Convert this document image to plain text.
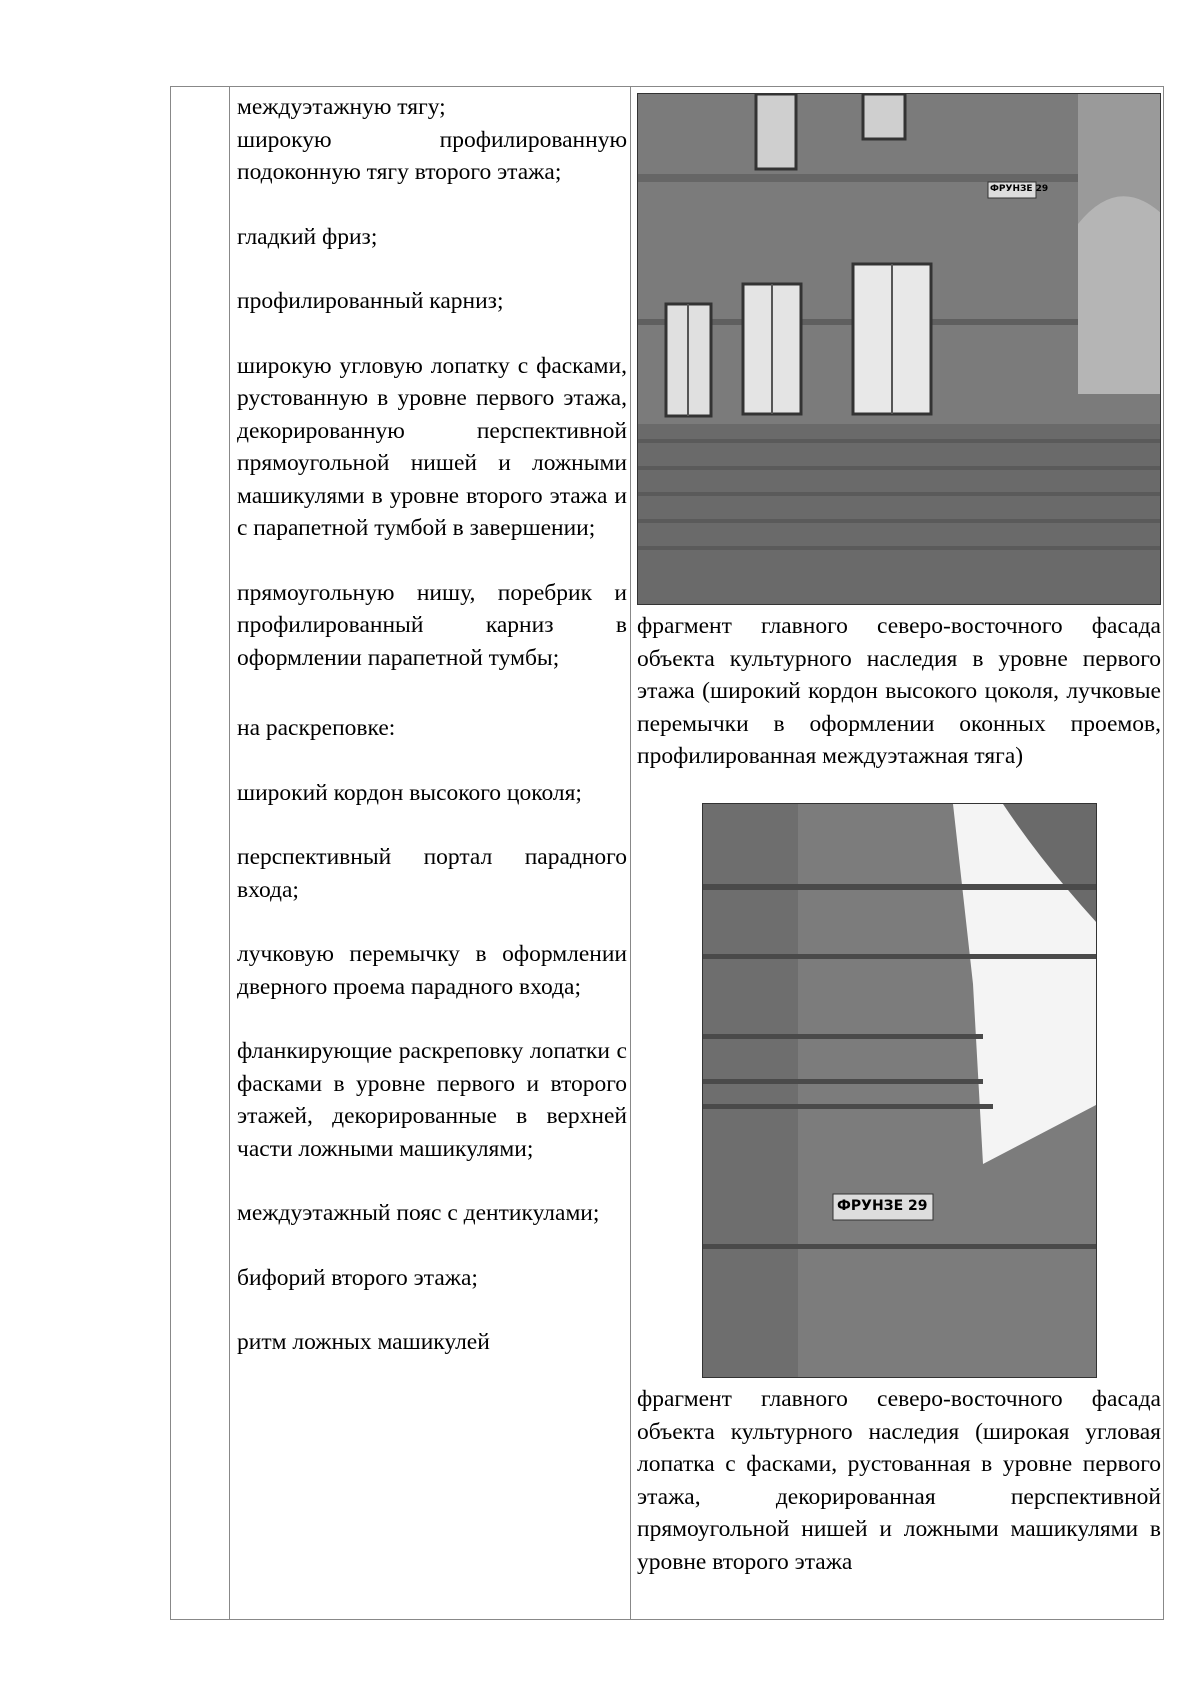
междуэтажную тягу;

широкую профилированную подоконную тягу второго этажа;

гладкий фриз;

профилированный карниз;

широкую угловую лопатку с фасками, рустованную в уровне первого этажа, декорированную перспективной прямоугольной нишей и ложными машикулями в уровне второго этажа и с парапетной тумбой в завершении;

прямоугольную нишу, поребрик и профилированный карниз в оформлении парапетной тумбы;

на раскреповке:

широкий кордон высокого цоколя;

перспективный портал парадного входа;

лучковую перемычку в оформлении дверного проема парадного входа;

фланкирующие раскреповку лопатки с фасками в уровне первого и второго этажей, декорированные в верхней части ложными машикулями;

междуэтажный пояс с дентикулами;

бифорий второго этажа;

ритм ложных машикулей

ФРУНЗЕ 29

фрагмент главного северо-восточного фасада объекта культурного наследия в уровне первого этажа (широкий кордон высокого цоколя, лучковые перемычки в оформлении оконных проемов, профилированная междуэтажная тяга)

ФРУНЗЕ 29

фрагмент главного северо-восточного фасада объекта культурного наследия (широкая угловая лопатка с фасками, рустованная в уровне первого этажа, декорированная перспективной прямоугольной нишей и ложными машикулями в уровне второго этажа
